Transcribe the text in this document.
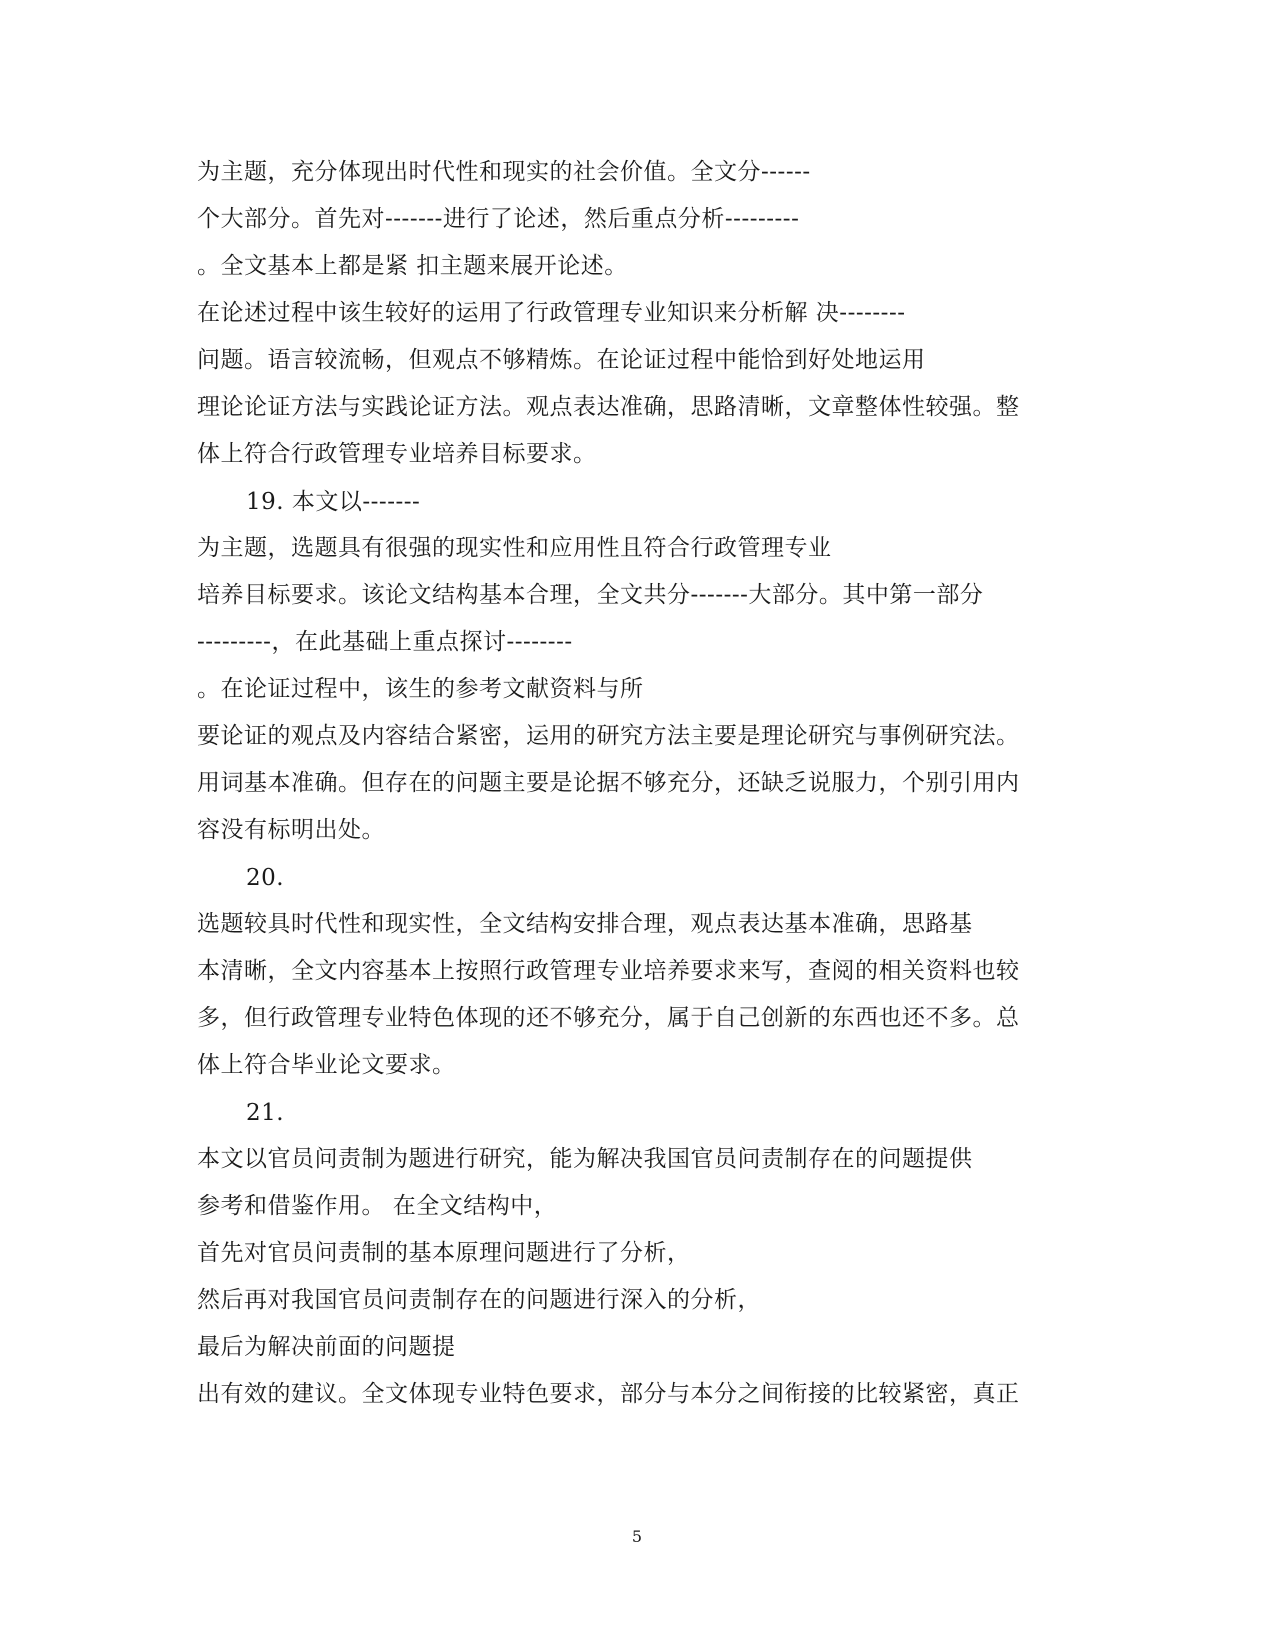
为主题，充分体现出时代性和现实的社会价值。全文分------
个大部分。首先对-------进行了论述，然后重点分析---------
。全文基本上都是紧 扣主题来展开论述。
在论述过程中该生较好的运用了行政管理专业知识来分析解 决--------
问题。语言较流畅，但观点不够精炼。在论证过程中能恰到好处地运用
理论论证方法与实践论证方法。观点表达准确，思路清晰，文章整体性较强。整
体上符合行政管理专业培养目标要求。
19. 本文以-------
为主题，选题具有很强的现实性和应用性且符合行政管理专业
培养目标要求。该论文结构基本合理，全文共分-------大部分。其中第一部分
---------，在此基础上重点探讨--------
。在论证过程中，该生的参考文献资料与所
要论证的观点及内容结合紧密，运用的研究方法主要是理论研究与事例研究法。
用词基本准确。但存在的问题主要是论据不够充分，还缺乏说服力，个别引用内
容没有标明出处。
20.
选题较具时代性和现实性，全文结构安排合理，观点表达基本准确，思路基
本清晰，全文内容基本上按照行政管理专业培养要求来写，查阅的相关资料也较
多，但行政管理专业特色体现的还不够充分，属于自己创新的东西也还不多。总
体上符合毕业论文要求。
21.
本文以官员问责制为题进行研究，能为解决我国官员问责制存在的问题提供
参考和借鉴作用。 在全文结构中，
首先对官员问责制的基本原理问题进行了分析，
然后再对我国官员问责制存在的问题进行深入的分析，
最后为解决前面的问题提
出有效的建议。全文体现专业特色要求，部分与本分之间衔接的比较紧密，真正
5
